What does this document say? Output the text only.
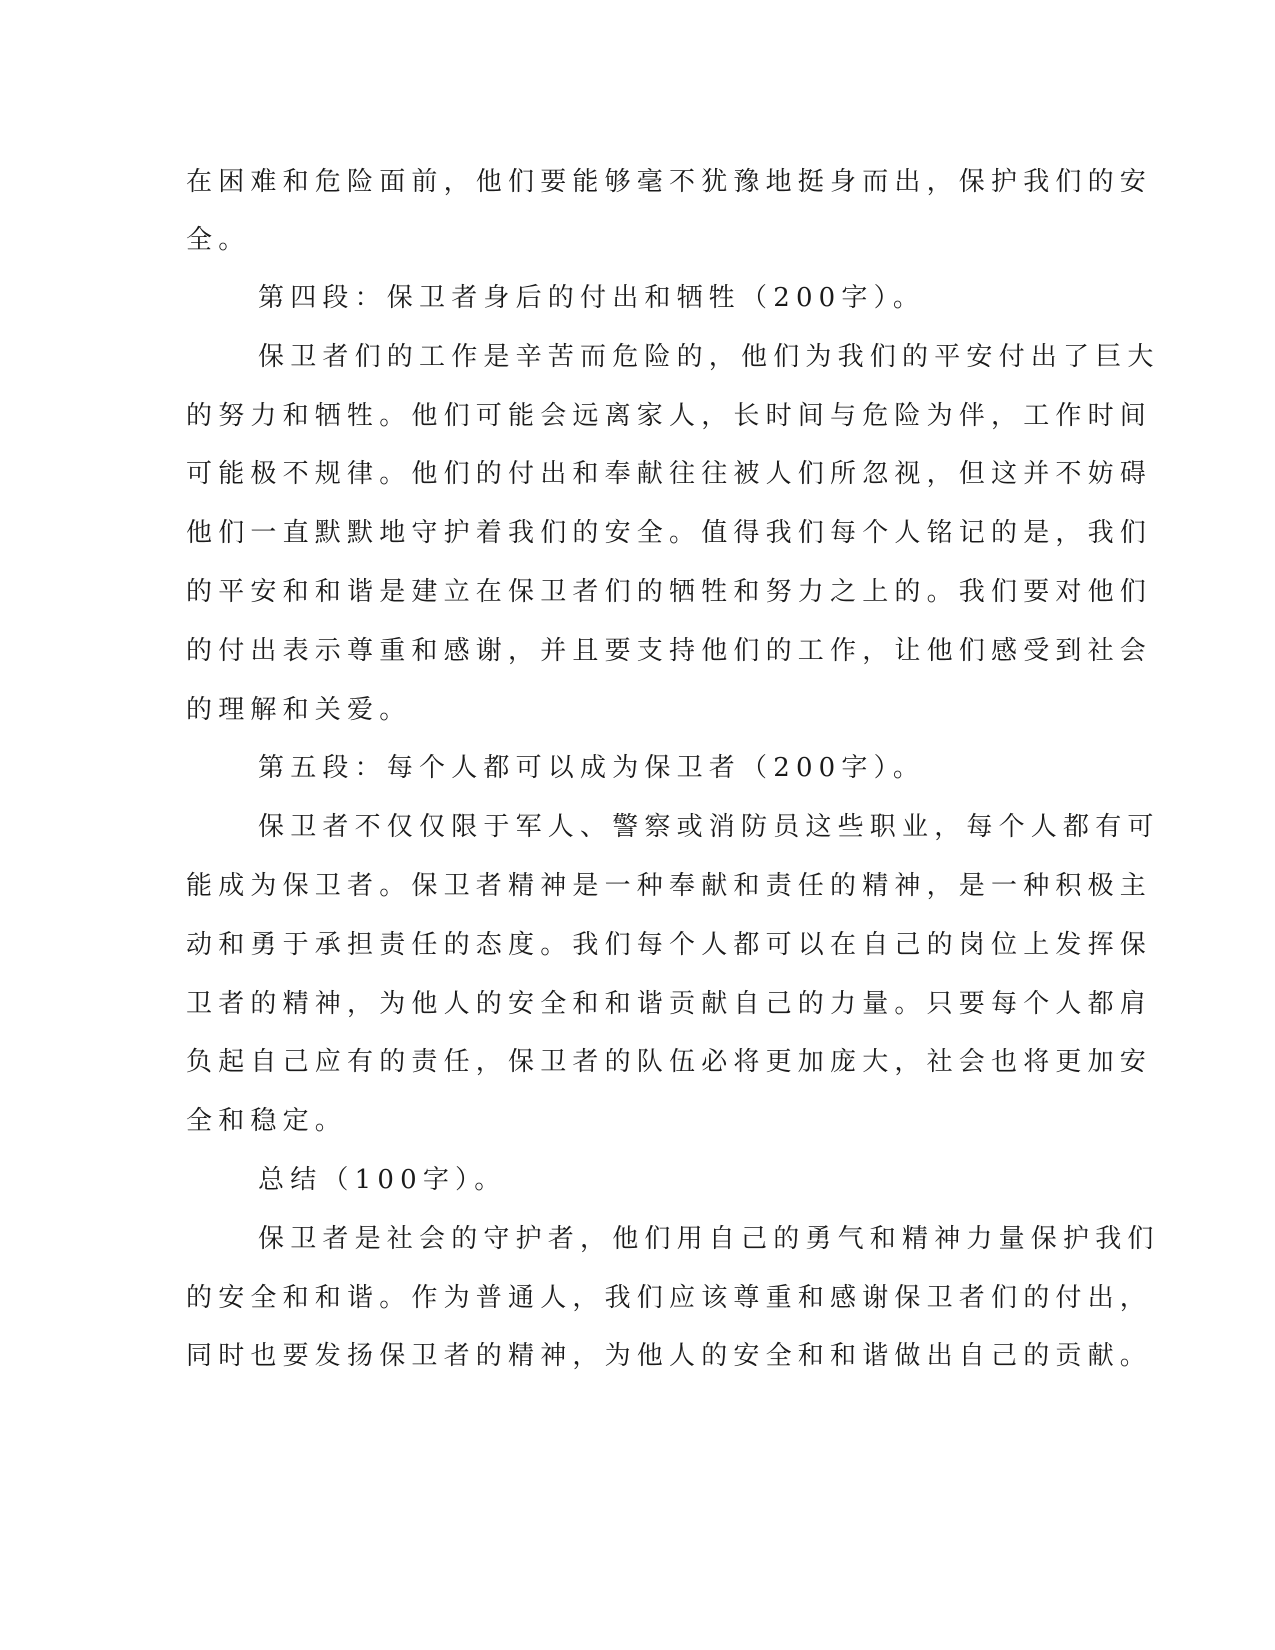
在困难和危险面前，他们要能够毫不犹豫地挺身而出，保护我们的安
全。
第四段：保卫者身后的付出和牺牲（200字）。
保卫者们的工作是辛苦而危险的，他们为我们的平安付出了巨大
的努力和牺牲。他们可能会远离家人，长时间与危险为伴，工作时间
可能极不规律。他们的付出和奉献往往被人们所忽视，但这并不妨碍
他们一直默默地守护着我们的安全。值得我们每个人铭记的是，我们
的平安和和谐是建立在保卫者们的牺牲和努力之上的。我们要对他们
的付出表示尊重和感谢，并且要支持他们的工作，让他们感受到社会
的理解和关爱。
第五段：每个人都可以成为保卫者（200字）。
保卫者不仅仅限于军人、警察或消防员这些职业，每个人都有可
能成为保卫者。保卫者精神是一种奉献和责任的精神，是一种积极主
动和勇于承担责任的态度。我们每个人都可以在自己的岗位上发挥保
卫者的精神，为他人的安全和和谐贡献自己的力量。只要每个人都肩
负起自己应有的责任，保卫者的队伍必将更加庞大，社会也将更加安
全和稳定。
总结（100字）。
保卫者是社会的守护者，他们用自己的勇气和精神力量保护我们
的安全和和谐。作为普通人，我们应该尊重和感谢保卫者们的付出，
同时也要发扬保卫者的精神，为他人的安全和和谐做出自己的贡献。
